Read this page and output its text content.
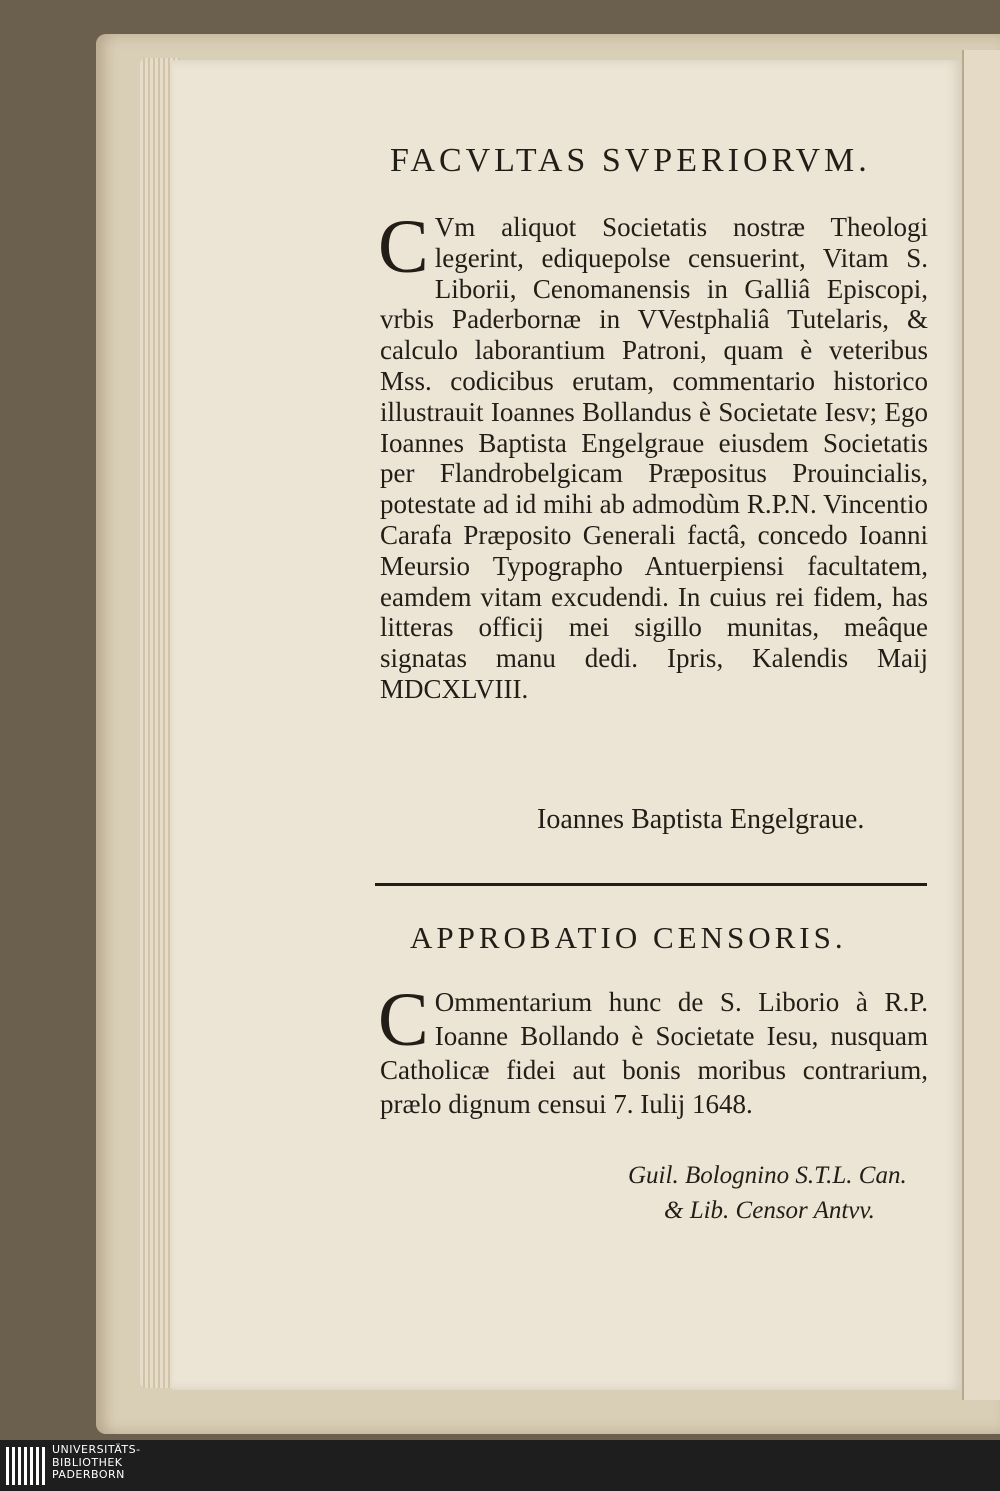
FACVLTAS SVPERIORVM.
C Vm aliquot Societatis nostræ Theologi legerint, ediquepolse censuerint, Vitam S. Liborii, Cenomanensis in Galliâ Episcopi, vrbis Paderbornæ in VVestphaliâ Tutelaris, & calculo laborantium Patroni, quam è veteribus Mss. codicibus erutam, commentario historico illustrauit Ioannes Bollandus è Societate Iesv; Ego Ioannes Baptista Engelgraue eiusdem Societatis per Flandrobelgicam Præpositus Prouincialis, potestate ad id mihi ab admodùm R.P.N. Vincentio Carafa Præposito Generali factâ, concedo Ioanni Meursio Typographo Antuerpiensi facultatem, eamdem vitam excudendi. In cuius rei fidem, has litteras officij mei sigillo munitas, meâque signatas manu dedi. Ipris, Kalendis Maij MDCXLVIII.
Ioannes Baptista Engelgraue.
APPROBATIO CENSORIS.
C Ommentarium hunc de S. Liborio à R.P. Ioanne Bollando è Societate Iesu, nusquam Catholicæ fidei aut bonis moribus contrarium, prælo dignum censui 7. Iulij 1648.
Guil. Bolognino S.T.L. Can.
& Lib. Censor Antvv.
UNIVERSITÄTS-
BIBLIOTHEK
PADERBORN
